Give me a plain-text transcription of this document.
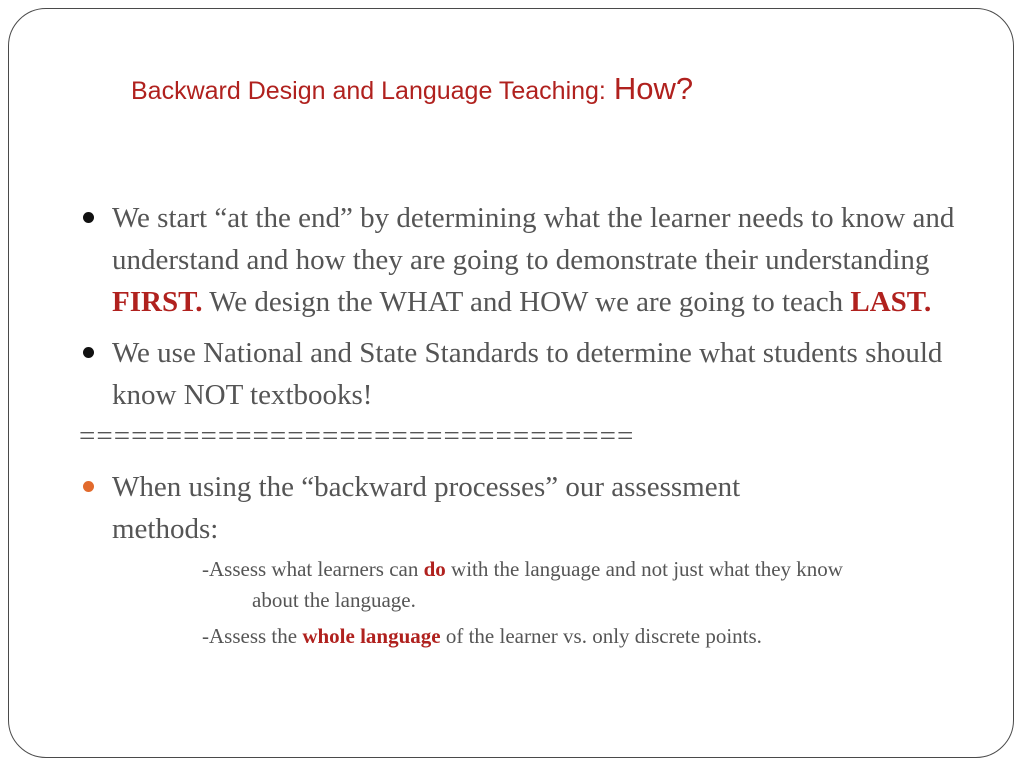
Backward Design and Language Teaching: How?
We start “at the end” by determining what the learner needs to know and understand and how they are going to demonstrate their understanding FIRST. We design the WHAT and HOW we are going to teach LAST.
We use National and State Standards to determine what students should know NOT textbooks!
================================
When using the “backward processes” our assessment
methods:
-Assess what learners can do with the language and not just what they know
about the language.
-Assess the whole language of the learner vs. only discrete points.
